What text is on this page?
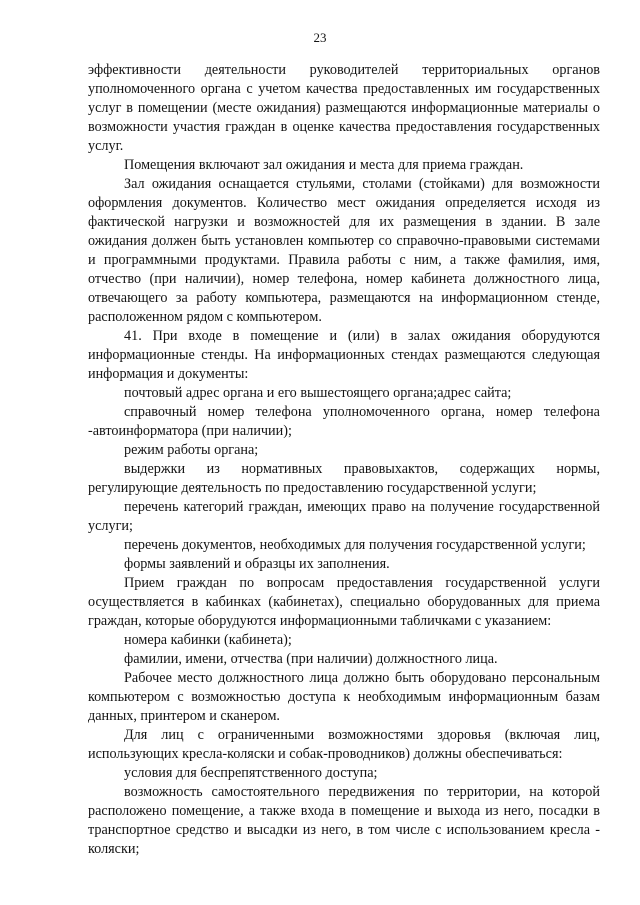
23

эффективности деятельности руководителей территориальных органов уполномоченного органа с учетом качества предоставленных им государственных услуг в помещении (месте ожидания) размещаются информационные материалы о возможности участия граждан в оценке качества предоставления государственных услуг.

Помещения включают зал ожидания и места для приема граждан.

Зал ожидания оснащается стульями, столами (стойками) для возможности оформления документов. Количество мест ожидания определяется исходя из фактической нагрузки и возможностей для их размещения в здании. В зале ожидания должен быть установлен компьютер со справочно-правовыми системами и программными продуктами. Правила работы с ним, а также фамилия, имя, отчество (при наличии), номер телефона, номер кабинета должностного лица, отвечающего за работу компьютера, размещаются на информационном стенде, расположенном рядом с компьютером.

41. При входе в помещение и (или) в залах ожидания оборудуются информационные стенды. На информационных стендах размещаются следующая информация и документы:

почтовый адрес органа и его вышестоящего органа;адрес сайта;

справочный номер телефона уполномоченного органа, номер телефона -автоинформатора (при наличии);

режим работы органа;

выдержки из нормативных правовыхактов, содержащих нормы, регулирующие деятельность по предоставлению государственной услуги;

перечень категорий граждан, имеющих право на получение государственной услуги;

перечень документов, необходимых для получения государственной услуги;

формы заявлений и образцы их заполнения.

Прием граждан по вопросам предоставления государственной услуги осуществляется в кабинках (кабинетах), специально оборудованных для приема граждан, которые оборудуются информационными табличками с указанием:

номера кабинки (кабинета);

фамилии, имени, отчества (при наличии) должностного лица.

Рабочее место должностного лица должно быть оборудовано персональным компьютером с возможностью доступа к необходимым информационным базам данных, принтером и сканером.

Для лиц с ограниченными возможностями здоровья (включая лиц, использующих кресла-коляски и собак-проводников) должны обеспечиваться:

условия для беспрепятственного доступа;

возможность самостоятельного передвижения по территории, на которой расположено помещение, а также входа в помещение и выхода из него, посадки в транспортное средство и высадки из него, в том числе с использованием кресла - коляски;
